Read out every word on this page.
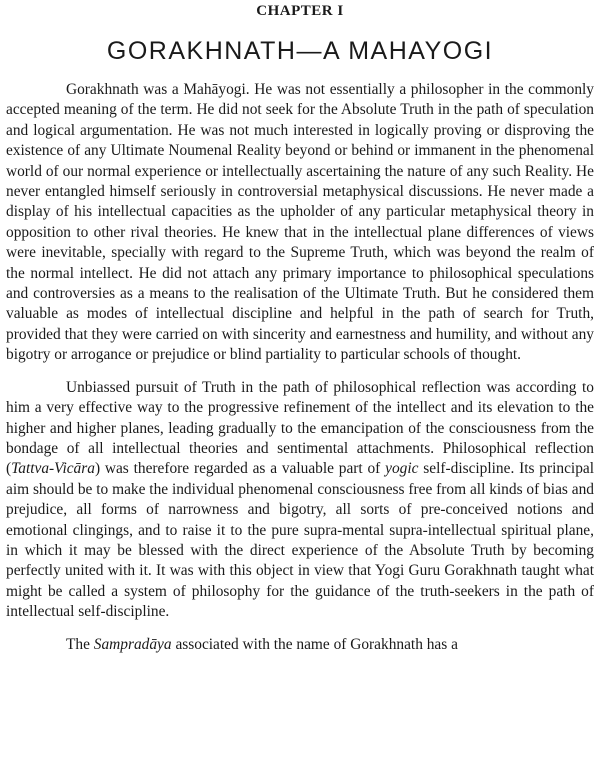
CHAPTER I
GORAKHNATH—A MAHAYOGI

Gorakhnath was a Mahāyogi. He was not essentially a philosopher in the commonly accepted meaning of the term. He did not seek for the Absolute Truth in the path of speculation and logical argumentation. He was not much interested in logically proving or disproving the existence of any Ultimate Noumenal Reality beyond or behind or immanent in the phenomenal world of our normal experience or intellectually ascertaining the nature of any such Reality. He never entangled himself seriously in controversial metaphysical discussions. He never made a display of his intellectual capacities as the upholder of any particular metaphysical theory in opposition to other rival theories. He knew that in the intellectual plane differences of views were inevitable, specially with regard to the Supreme Truth, which was beyond the realm of the normal intellect. He did not attach any primary importance to philosophical speculations and controversies as a means to the realisation of the Ultimate Truth. But he considered them valuable as modes of intellectual discipline and helpful in the path of search for Truth, provided that they were carried on with sincerity and earnestness and humility, and without any bigotry or arrogance or prejudice or blind partiality to particular schools of thought.

Unbiassed pursuit of Truth in the path of philosophical reflection was according to him a very effective way to the progressive refinement of the intellect and its elevation to the higher and higher planes, leading gradually to the emancipation of the consciousness from the bondage of all intellectual theories and sentimental attachments. Philosophical reflection (Tattva-Vicāra) was therefore regarded as a valuable part of yogic self-discipline. Its principal aim should be to make the individual phenomenal consciousness free from all kinds of bias and prejudice, all forms of narrowness and bigotry, all sorts of pre-conceived notions and emotional clingings, and to raise it to the pure supra-mental supra-intellectual spiritual plane, in which it may be blessed with the direct experience of the Absolute Truth by becoming perfectly united with it. It was with this object in view that Yogi Guru Gorakhnath taught what might be called a system of philosophy for the guidance of the truth-seekers in the path of intellectual self-discipline.

The Sampradāya associated with the name of Gorakhnath has a
